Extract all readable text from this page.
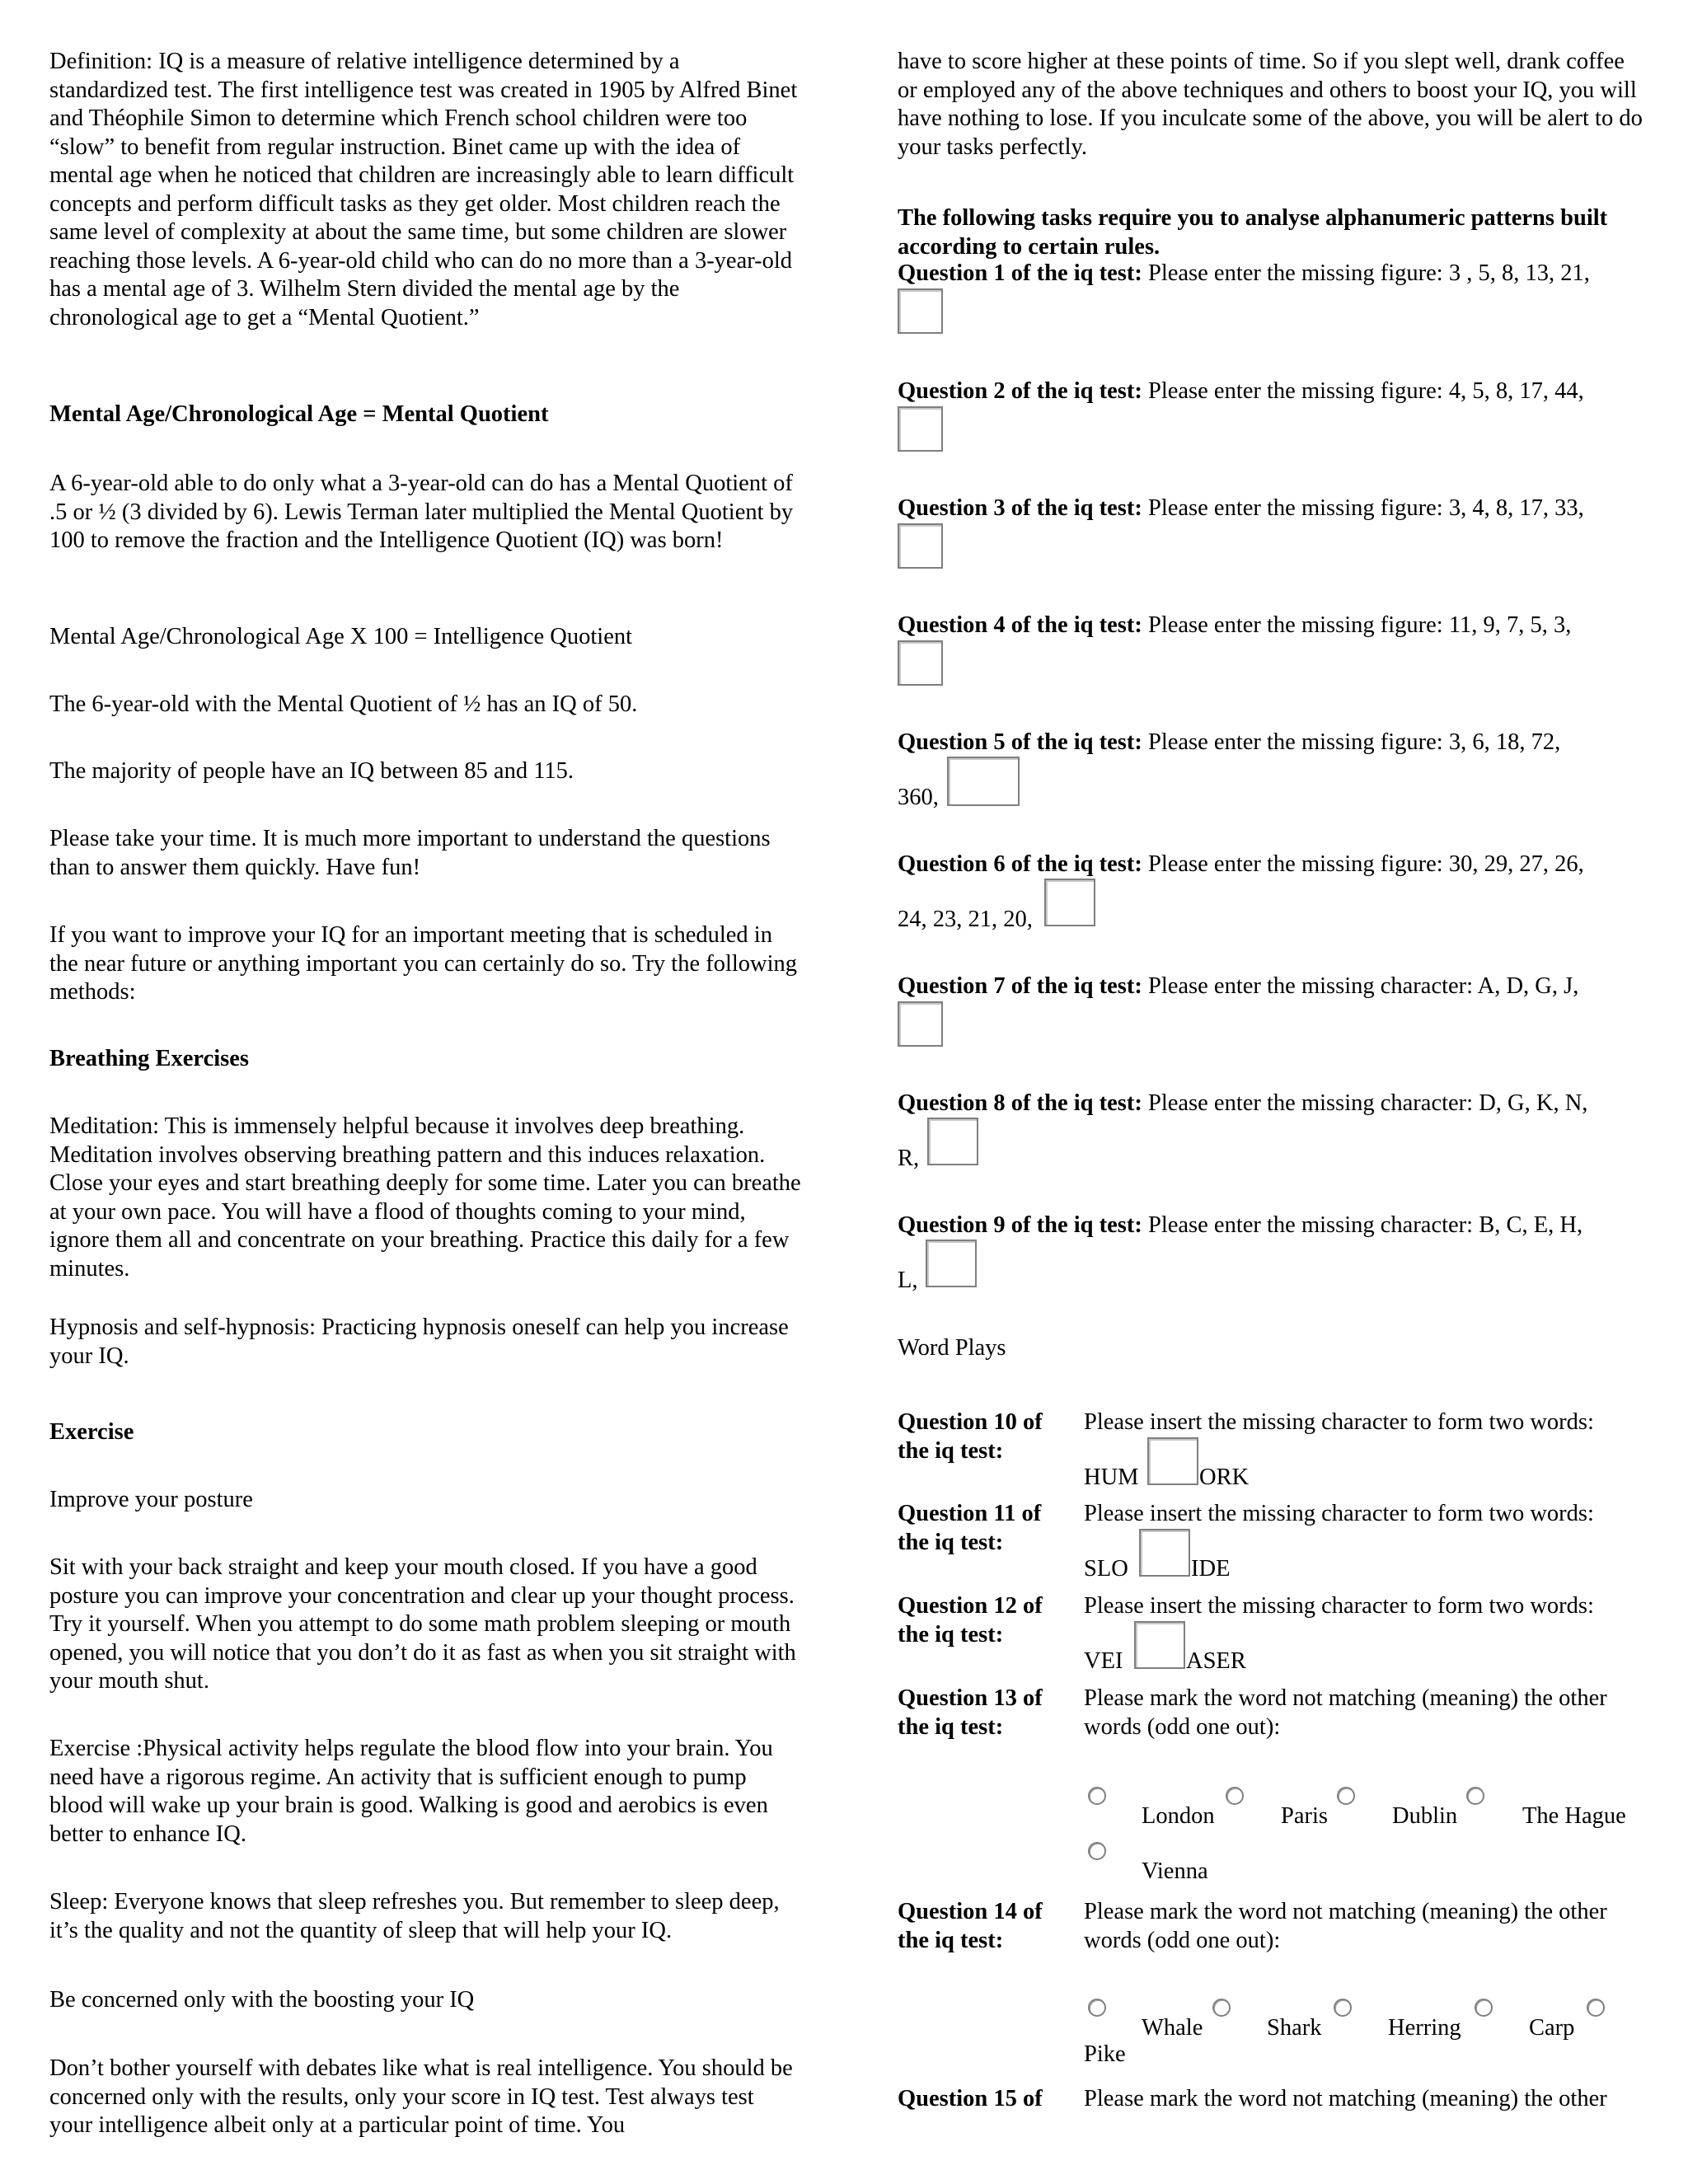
Definition: IQ is a measure of relative intelligence determined by a standardized test. The first intelligence test was created in 1905 by Alfred Binet and Théophile Simon to determine which French school children were too “slow” to benefit from regular instruction. Binet came up with the idea of mental age when he noticed that children are increasingly able to learn difficult concepts and perform difficult tasks as they get older. Most children reach the same level of complexity at about the same time, but some children are slower reaching those levels. A 6-year-old child who can do no more than a 3-year-old has a mental age of 3. Wilhelm Stern divided the mental age by the chronological age to get a “Mental Quotient.”

Mental Age/Chronological Age = Mental Quotient

A 6-year-old able to do only what a 3-year-old can do has a Mental Quotient of .5 or ½ (3 divided by 6). Lewis Terman later multiplied the Mental Quotient by 100 to remove the fraction and the Intelligence Quotient (IQ) was born!

Mental Age/Chronological Age X 100 = Intelligence Quotient

The 6-year-old with the Mental Quotient of ½ has an IQ of 50.

The majority of people have an IQ between 85 and 115.

Please take your time. It is much more important to understand the questions than to answer them quickly. Have fun!

If you want to improve your IQ for an important meeting that is scheduled in the near future or anything important you can certainly do so. Try the following methods:

Breathing Exercises

Meditation: This is immensely helpful because it involves deep breathing. Meditation involves observing breathing pattern and this induces relaxation. Close your eyes and start breathing deeply for some time. Later you can breathe at your own pace. You will have a flood of thoughts coming to your mind, ignore them all and concentrate on your breathing. Practice this daily for a few minutes.

Hypnosis and self-hypnosis: Practicing hypnosis oneself can help you increase your IQ.

Exercise

Improve your posture

Sit with your back straight and keep your mouth closed. If you have a good posture you can improve your concentration and clear up your thought process. Try it yourself. When you attempt to do some math problem sleeping or mouth opened, you will notice that you don’t do it as fast as when you sit straight with your mouth shut.

Exercise :Physical activity helps regulate the blood flow into your brain. You need have a rigorous regime. An activity that is sufficient enough to pump blood will wake up your brain is good. Walking is good and aerobics is even better to enhance IQ.

Sleep: Everyone knows that sleep refreshes you. But remember to sleep deep, it’s the quality and not the quantity of sleep that will help your IQ.

Be concerned only with the boosting your IQ

Don’t bother yourself with debates like what is real intelligence. You should be concerned only with the results, only your score in IQ test. Test always test your intelligence albeit only at a particular point of time. You

have to score higher at these points of time. So if you slept well, drank coffee or employed any of the above techniques and others to boost your IQ, you will have nothing to lose. If you inculcate some of the above, you will be alert to do your tasks perfectly.

The following tasks require you to analyse alphanumeric patterns built according to certain rules.

Question 1 of the iq test: Please enter the missing figure: 3 , 5, 8, 13, 21,

Question 2 of the iq test: Please enter the missing figure: 4, 5, 8, 17, 44,

Question 3 of the iq test: Please enter the missing figure: 3, 4, 8, 17, 33,

Question 4 of the iq test: Please enter the missing figure: 11, 9, 7, 5, 3,

Question 5 of the iq test: Please enter the missing figure: 3, 6, 18, 72,

360,

Question 6 of the iq test: Please enter the missing figure: 30, 29, 27, 26,

24, 23, 21, 20,

Question 7 of the iq test: Please enter the missing character: A, D, G, J,

Question 8 of the iq test: Please enter the missing character: D, G, K, N,

R,

Question 9 of the iq test: Please enter the missing character: B, C, E, H,

L,

Word Plays

Question 10 of the iq test:

Please insert the missing character to form two words:

HUM	ORK

Question 11 of the iq test:

Please insert the missing character to form two words:

SLO	IDE

Question 12 of the iq test:

Please insert the missing character to form two words:

VEI	ASER

Question 13 of the iq test:

Please mark the word not matching (meaning) the other words (odd one out):

London	Paris	Dublin	The Hague
Vienna

Question 14 of the iq test:

Please mark the word not matching (meaning) the other words (odd one out):

Whale	Shark	Herring	Carp
Pike

Question 15 of	Please mark the word not matching (meaning) the other
